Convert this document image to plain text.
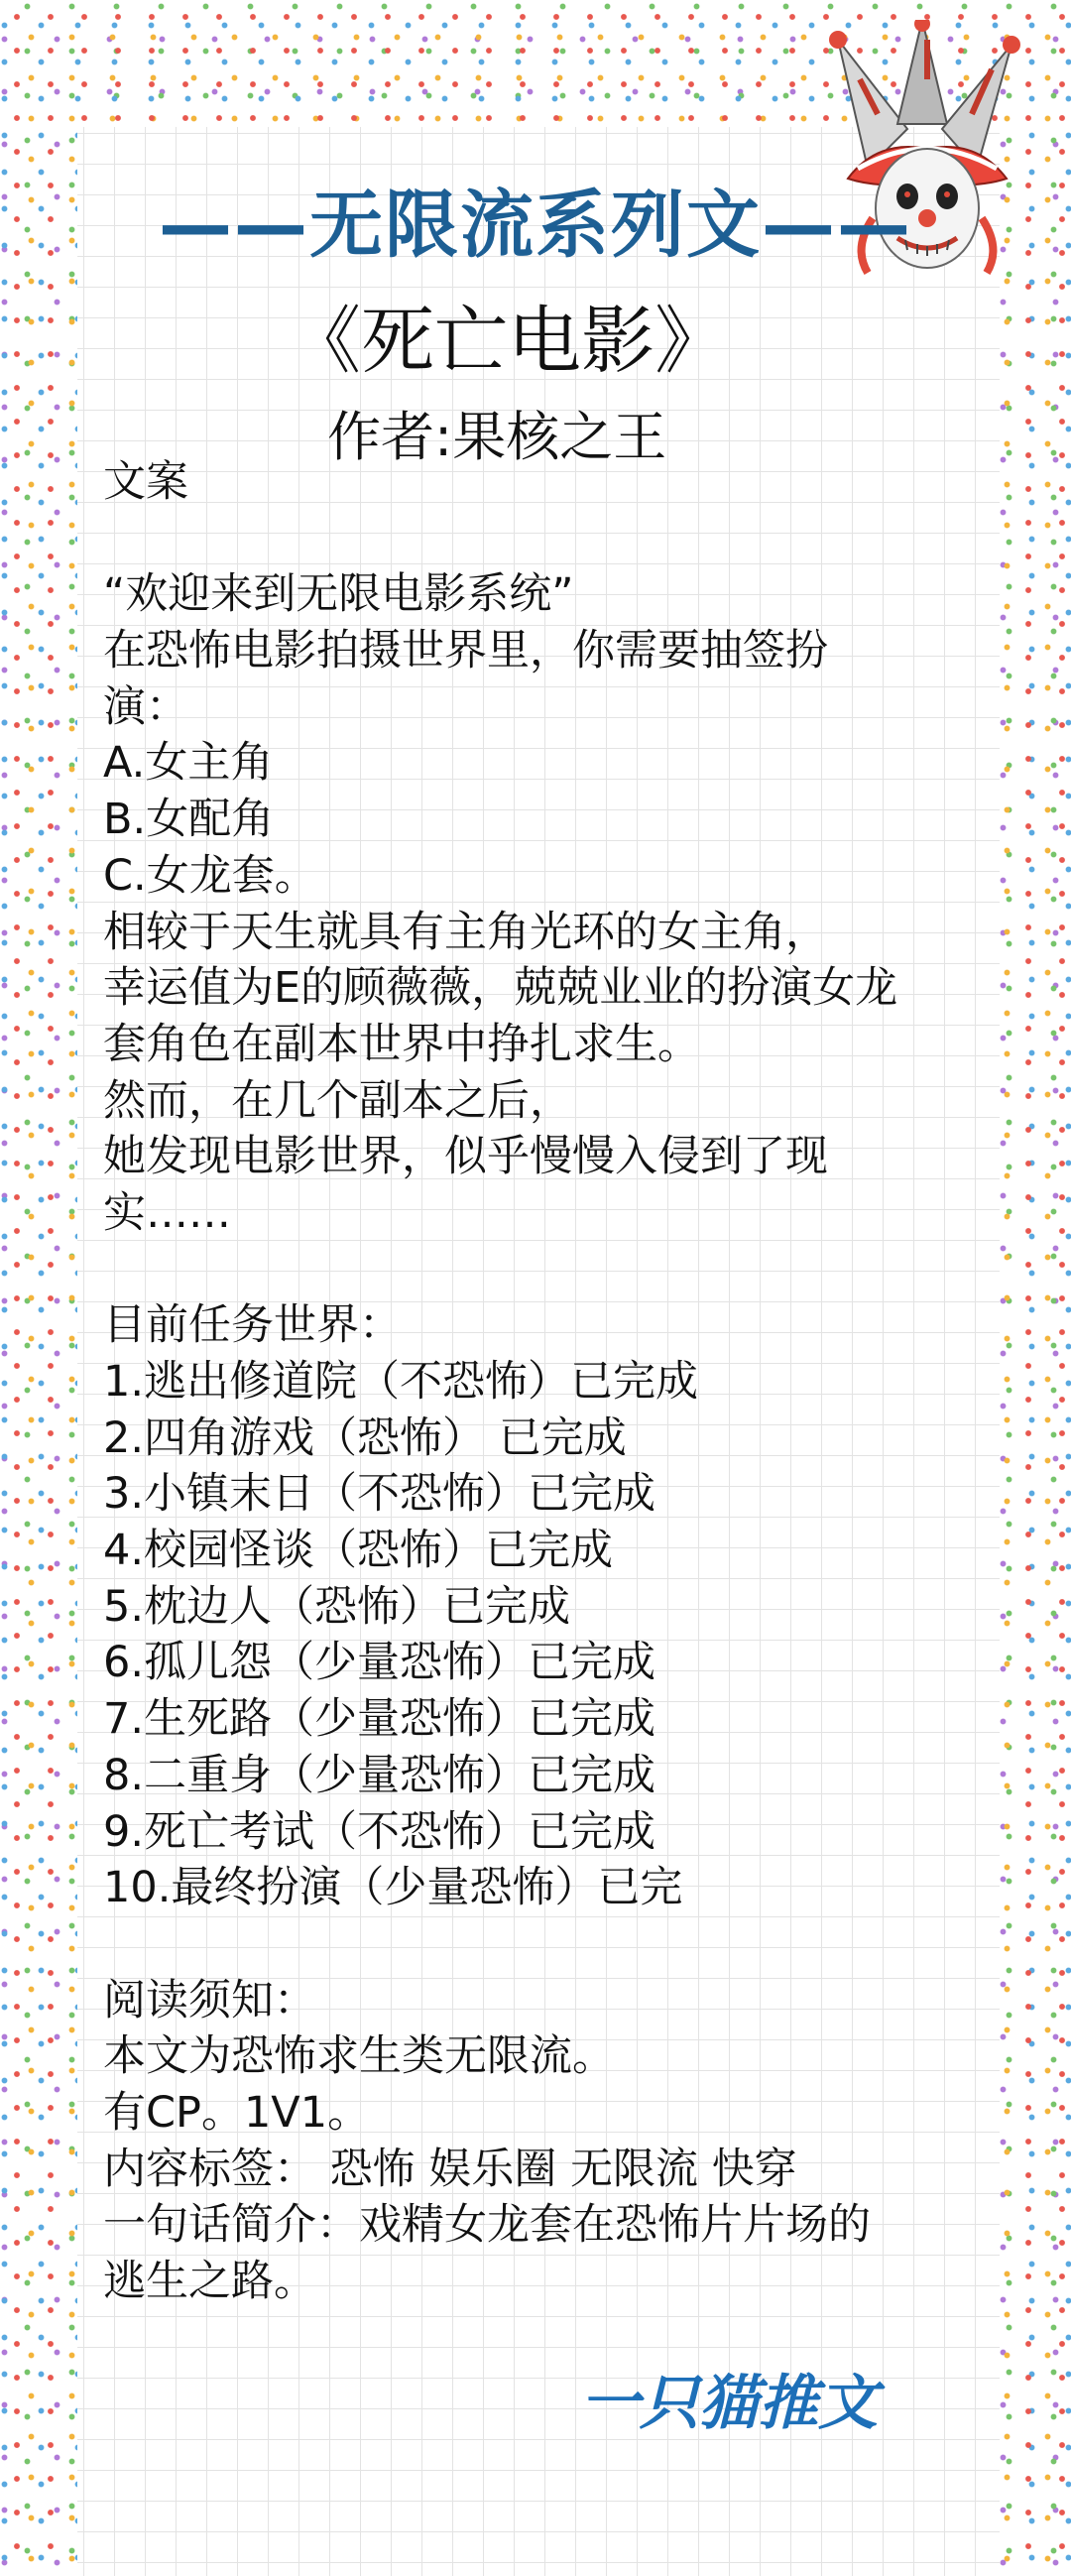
——无限流系列文——
《死亡电影》
作者:果核之王
文案
“欢迎来到无限电影系统”
在恐怖电影拍摄世界里，你需要抽签扮
演：
A.女主角
B.女配角
C.女龙套。
相较于天生就具有主角光环的女主角，
幸运值为E的顾薇薇，兢兢业业的扮演女龙
套角色在副本世界中挣扎求生。
然而，在几个副本之后，
她发现电影世界，似乎慢慢入侵到了现
实……
目前任务世界：
1.逃出修道院（不恐怖）已完成
2.四角游戏（恐怖） 已完成
3.小镇末日（不恐怖）已完成
4.校园怪谈（恐怖）已完成
5.枕边人（恐怖）已完成
6.孤儿怨（少量恐怖）已完成
7.生死路（少量恐怖）已完成
8.二重身（少量恐怖）已完成
9.死亡考试（不恐怖）已完成
10.最终扮演（少量恐怖）已完
阅读须知：
本文为恐怖求生类无限流。
有CP。1V1。
内容标签： 恐怖 娱乐圈 无限流 快穿
一句话简介：戏精女龙套在恐怖片片场的
逃生之路。
一只猫推文
